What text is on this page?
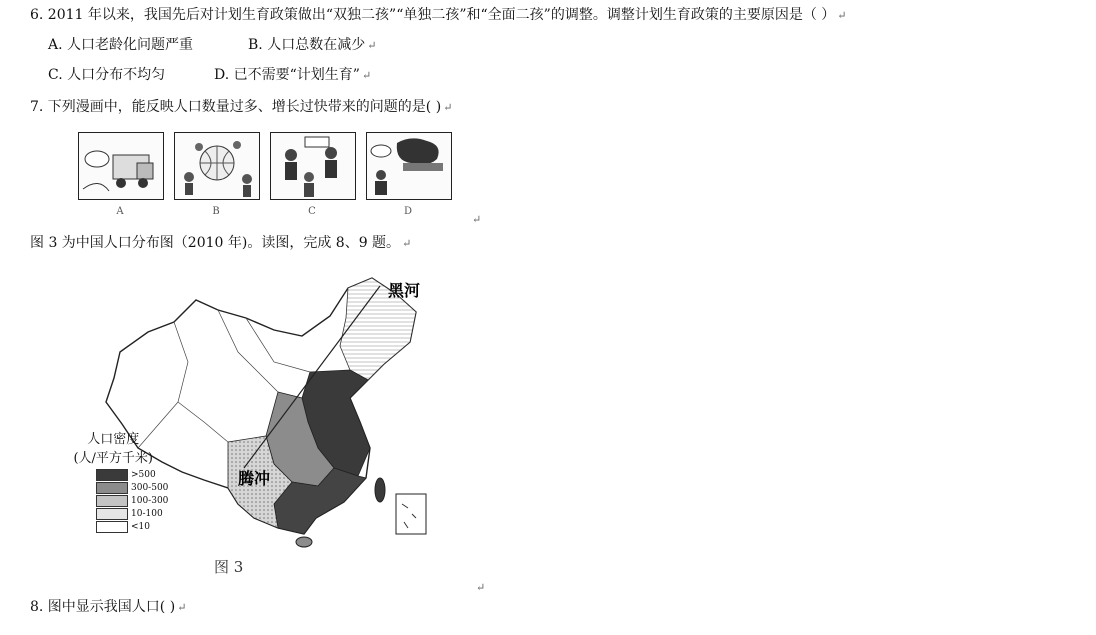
6. 2011 年以来，我国先后对计划生育政策做出“双独二孩”“单独二孩”和“全面二孩”的调整。调整计划生育政策的主要原因是（ ） ↵
A. 人口老龄化问题严重	B. 人口总数在减少 ↵
C. 人口分布不均匀	D. 已不需要“计划生育” ↵
7. 下列漫画中，能反映人口数量过多、增长过快带来的问题的是( ) ↵
A	B	C	D
↵
图 3 为中国人口分布图（2010 年)。读图，完成 8、9 题。 ↵
黑河
腾冲
人口密度
(人/平方千米)
>500
300-500
100-300
10-100
<10
图 3
↵
8. 图中显示我国人口( ) ↵
